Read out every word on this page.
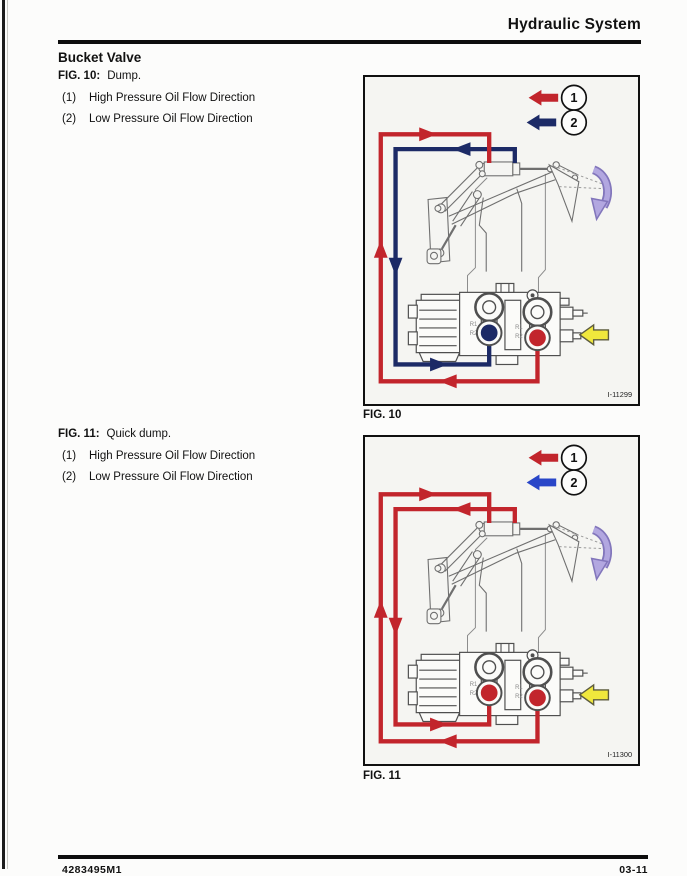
Hydraulic System
Bucket Valve
FIG. 10: Dump.
(1) High Pressure Oil Flow Direction
(2) Low Pressure Oil Flow Direction
R1
R2
R1
R2
1
2
I-11299
FIG. 10
FIG. 11: Quick dump.
(1) High Pressure Oil Flow Direction
(2) Low Pressure Oil Flow Direction
R1
R2
R1
R2
1
2
I-11300
FIG. 11
4283495M1	03-11
